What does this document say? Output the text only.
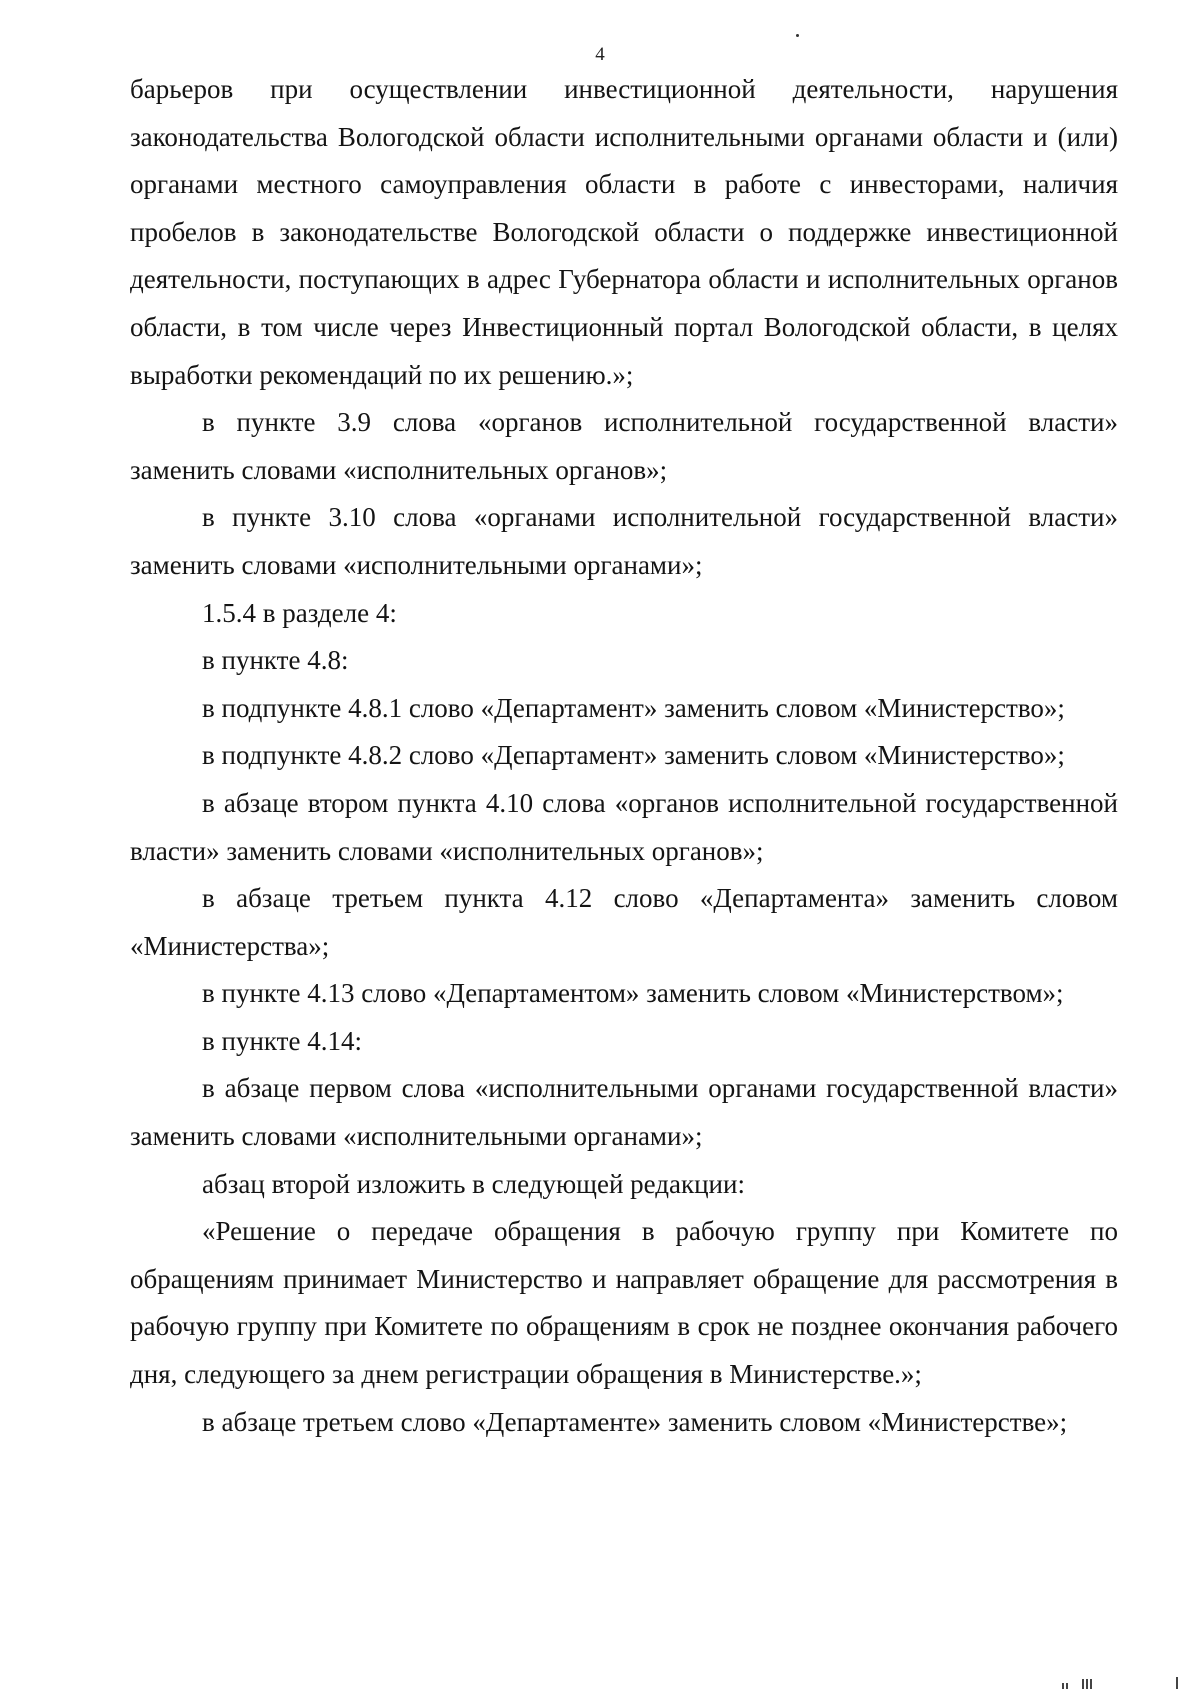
4

барьеров при осуществлении инвестиционной деятельности, нарушения законодательства Вологодской области исполнительными органами области и (или) органами местного самоуправления области в работе с инвесторами, наличия пробелов в законодательстве Вологодской области о поддержке инвестиционной деятельности, поступающих в адрес Губернатора области и исполнительных органов области, в том числе через Инвестиционный портал Вологодской области, в целях выработки рекомендаций по их решению.»;

в пункте 3.9 слова «органов исполнительной государственной власти» заменить словами «исполнительных органов»;

в пункте 3.10 слова «органами исполнительной государственной власти» заменить словами «исполнительными органами»;

1.5.4 в разделе 4:

в пункте 4.8:

в подпункте 4.8.1 слово «Департамент» заменить словом «Министерство»;

в подпункте 4.8.2 слово «Департамент» заменить словом «Министерство»;

в абзаце втором пункта 4.10 слова «органов исполнительной государственной власти» заменить словами «исполнительных органов»;

в абзаце третьем пункта 4.12 слово «Департамента» заменить словом «Министерства»;

в пункте 4.13 слово «Департаментом» заменить словом «Министерством»;

в пункте 4.14:

в абзаце первом слова «исполнительными органами государственной власти» заменить словами «исполнительными органами»;

абзац второй изложить в следующей редакции:

«Решение о передаче обращения в рабочую группу при Комитете по обращениям принимает Министерство и направляет обращение для рассмотрения в рабочую группу при Комитете по обращениям в срок не позднее окончания рабочего дня, следующего за днем регистрации обращения в Министерстве.»;

в абзаце третьем слово «Департаменте» заменить словом «Министерстве»;
